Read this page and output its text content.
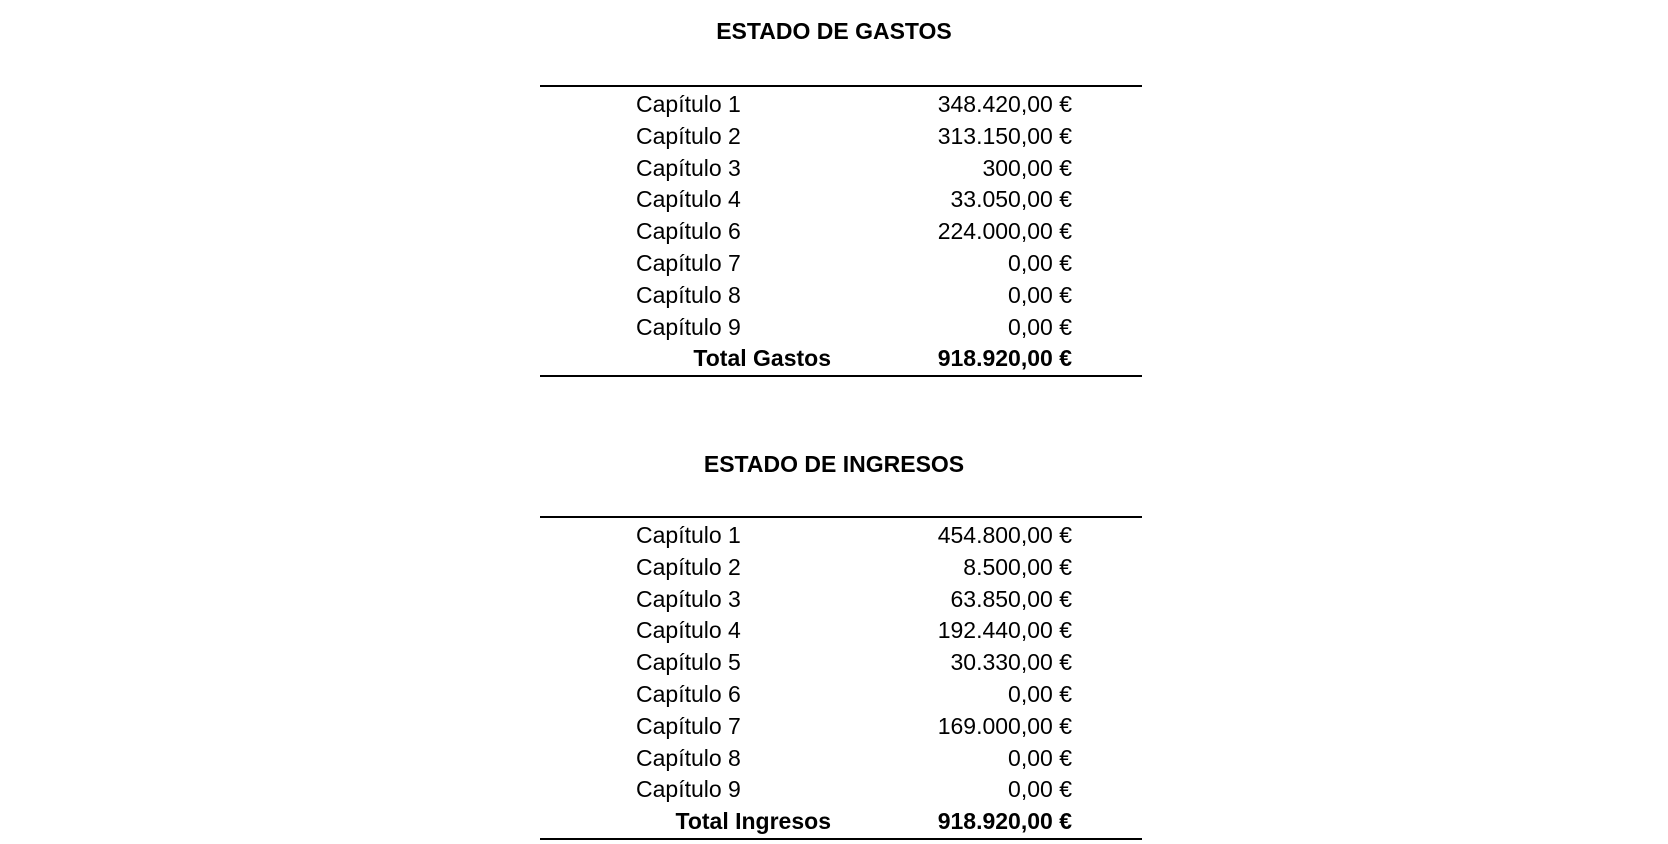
ESTADO DE GASTOS
Capítulo 1	348.420,00 €
Capítulo 2	313.150,00 €
Capítulo 3	300,00 €
Capítulo 4	33.050,00 €
Capítulo 6	224.000,00 €
Capítulo 7	0,00 €
Capítulo 8	0,00 €
Capítulo 9	0,00 €
Total Gastos	918.920,00 €
ESTADO DE INGRESOS
Capítulo 1	454.800,00 €
Capítulo 2	8.500,00 €
Capítulo 3	63.850,00 €
Capítulo 4	192.440,00 €
Capítulo 5	30.330,00 €
Capítulo 6	0,00 €
Capítulo 7	169.000,00 €
Capítulo 8	0,00 €
Capítulo 9	0,00 €
Total Ingresos	918.920,00 €
